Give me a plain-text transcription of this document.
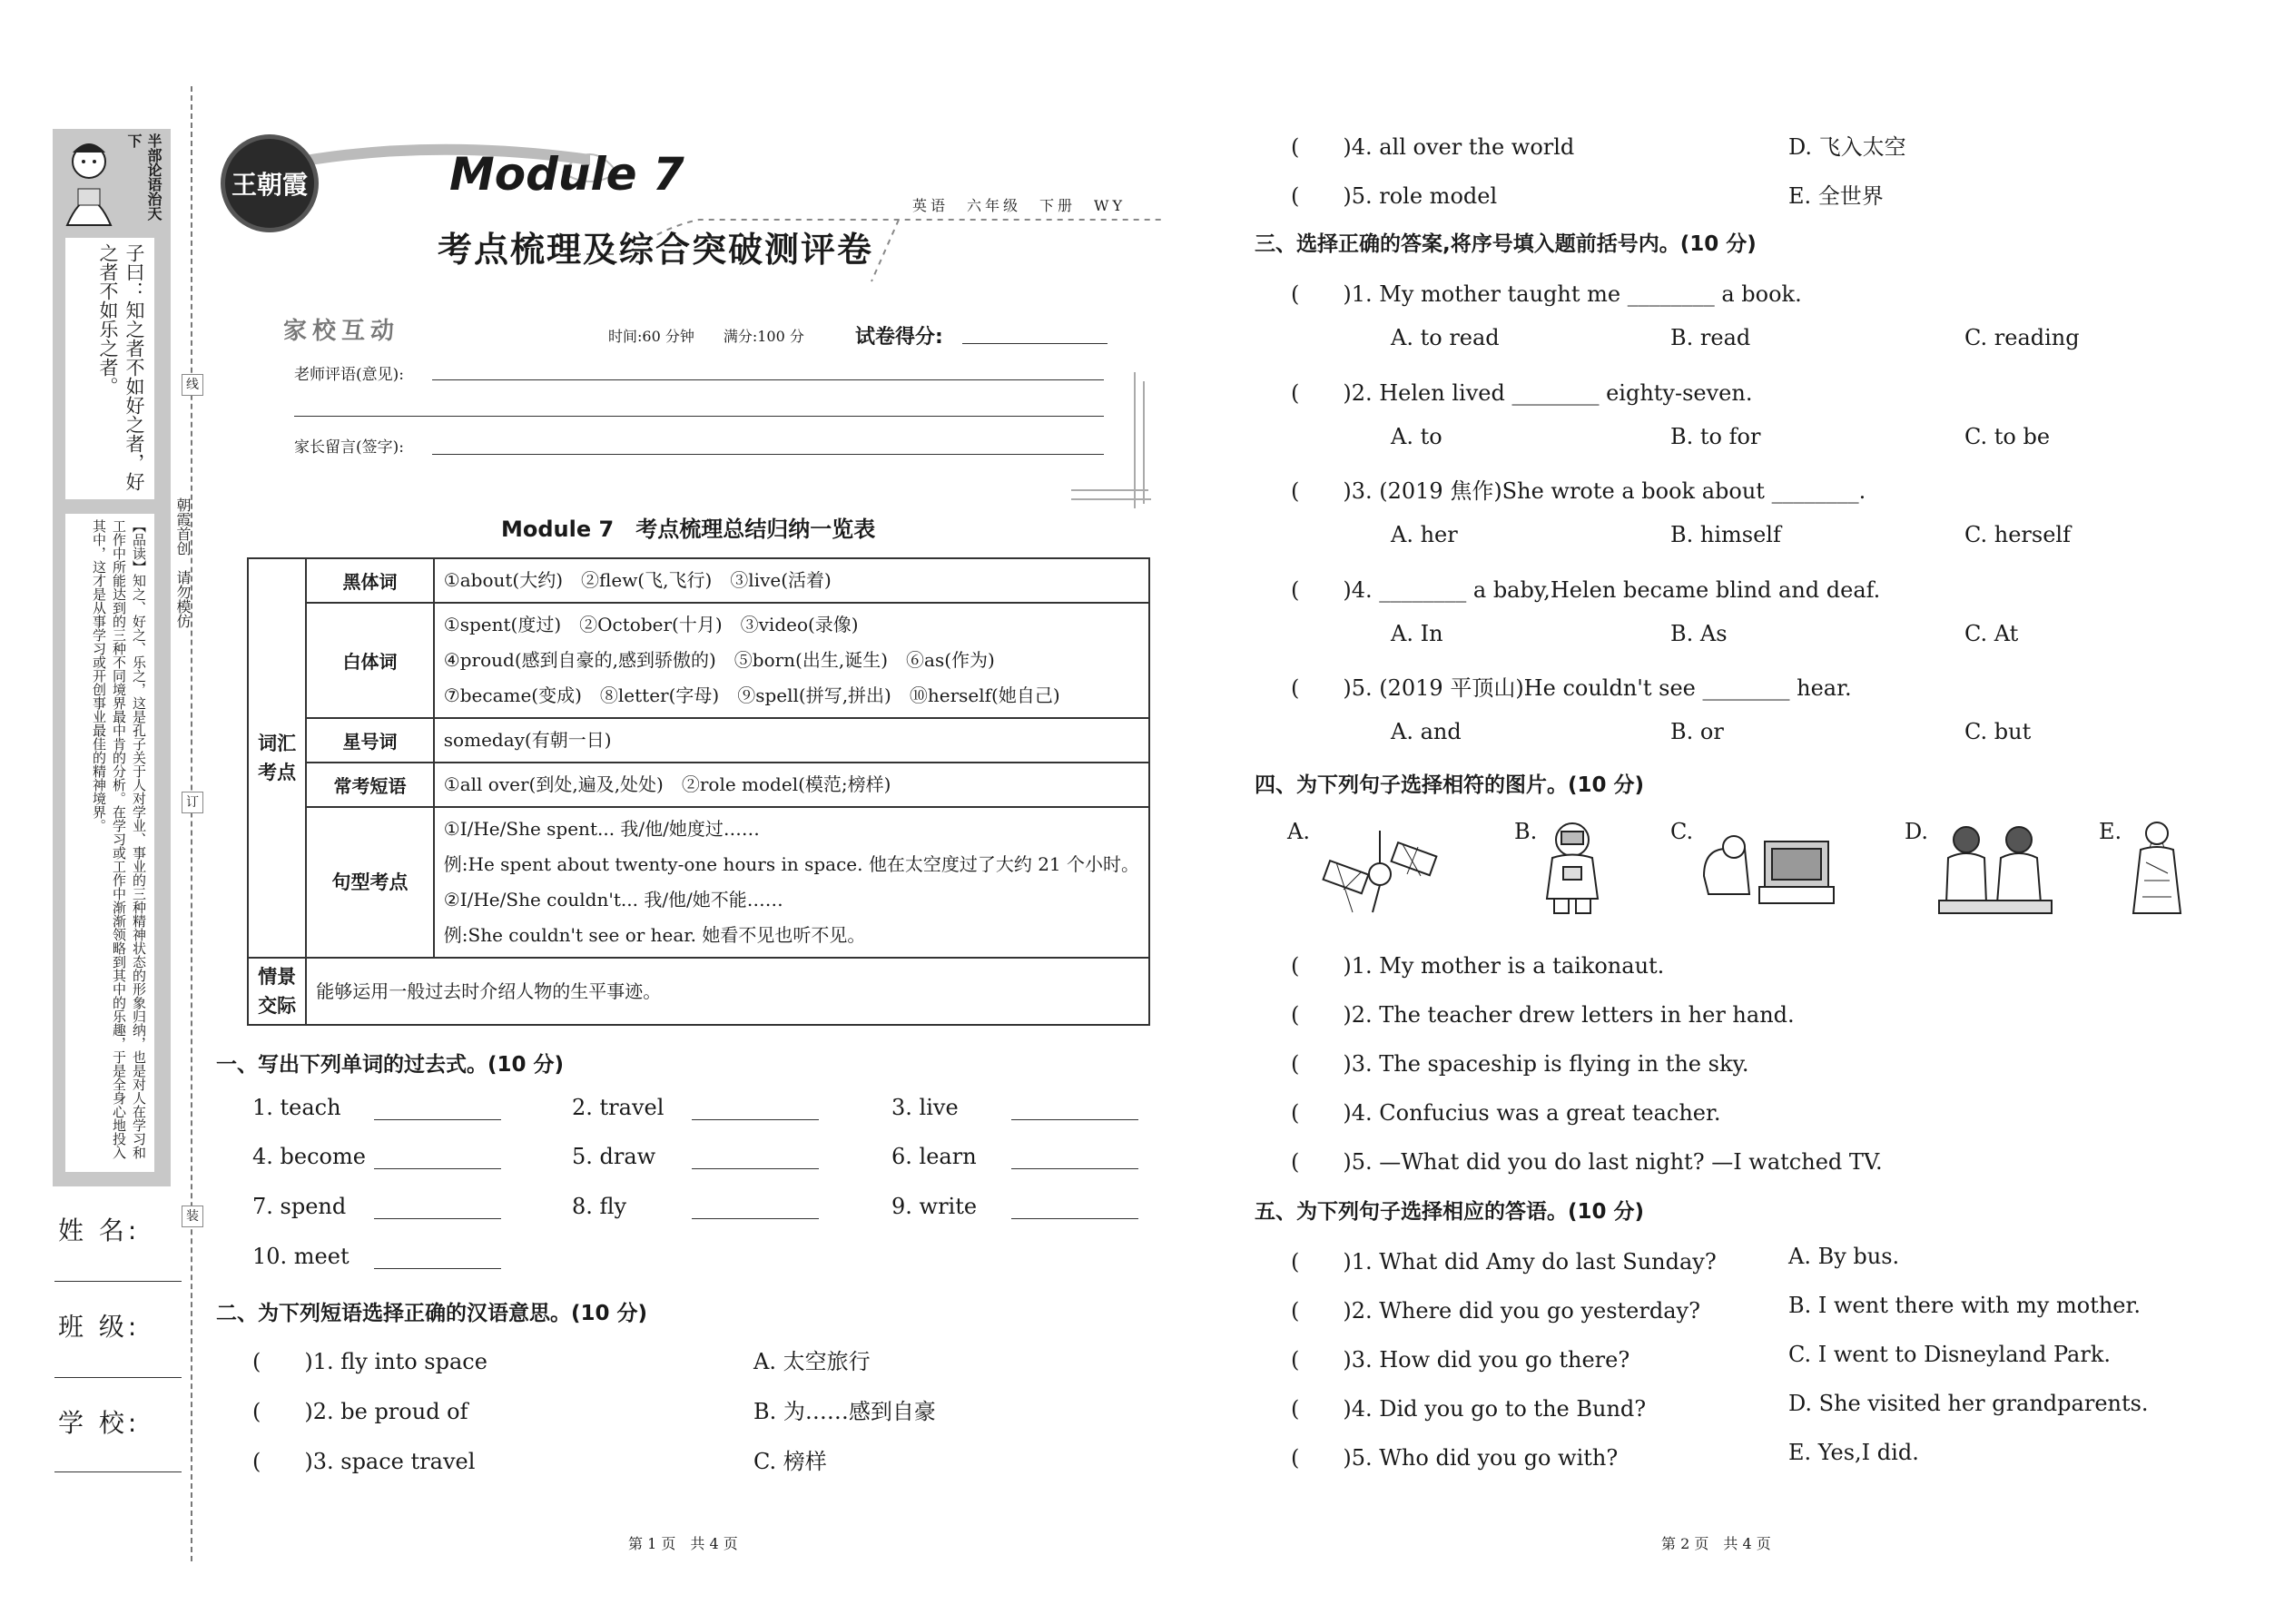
半部论语治天下
子曰：知之者不如好之者，好之者不如乐之者。
【品读】知之、好之、乐之，这是孔子关于人对学业、事业的三种精神状态的形象归纳，也是对人在学习和工作中所能达到的三种不同境界最中肯的分析。在学习或工作中渐渐领略到其中的乐趣，于是全身心地投入其中，这才是从事学习或开创事业最佳的精神境界。
姓 名:
班 级:
学 校:
线
订
装
朝霞首创　请勿模仿
王朝霞	Module 7
考点梳理及综合突破测评卷
英语　六年级　下册　WY
家校互动	时间:60 分钟　　满分:100 分	试卷得分:
老师评语(意见):
家长留言(签字):
Module 7　考点梳理总结归纳一览表
词汇考点	黑体词	①about(大约)　②flew(飞,飞行)　③live(活着)
	白体词	①spent(度过)　②October(十月)　③video(录像)
④proud(感到自豪的,感到骄傲的)　⑤born(出生,诞生)　⑥as(作为)
⑦became(变成)　⑧letter(字母)　⑨spell(拼写,拼出)　⑩herself(她自己)

	星号词	someday(有朝一日)
	常考短语	①all over(到处,遍及,处处)　②role model(模范;榜样)
	句型考点	①I/He/She spent... 我/他/她度过……
例:He spent about twenty-one hours in space. 他在太空度过了大约 21 个小时。
②I/He/She couldn't... 我/他/她不能……
例:She couldn't see or hear. 她看不见也听不见。

情景交际	能够运用一般过去时介绍人物的生平事迹。	
一、写出下列单词的过去式。(10 分)
1. teach	2. travel	3. live
4. become	5. draw	6. learn
7. spend	8. fly	9. write
10. meet
二、为下列短语选择正确的汉语意思。(10 分)
(　　)1. fly into space	A. 太空旅行
(　　)2. be proud of	B. 为……感到自豪
(　　)3. space travel	C. 榜样
第 1 页　共 4 页
(　　)4. all over the world	D. 飞入太空
(　　)5. role model	E. 全世界
三、选择正确的答案,将序号填入题前括号内。(10 分)
(　　)1. My mother taught me ________ a book.
A. to read	B. read	C. reading
(　　)2. Helen lived ________ eighty-seven.
A. to	B. to for	C. to be
(　　)3. (2019 焦作)She wrote a book about ________.
A. her	B. himself	C. herself
(　　)4. ________ a baby,Helen became blind and deaf.
A. In	B. As	C. At
(　　)5. (2019 平顶山)He couldn't see ________ hear.
A. and	B. or	C. but
四、为下列句子选择相符的图片。(10 分)
A.	B.	C.	D.	E.
(　　)1. My mother is a taikonaut.
(　　)2. The teacher drew letters in her hand.
(　　)3. The spaceship is flying in the sky.
(　　)4. Confucius was a great teacher.
(　　)5. —What did you do last night? —I watched TV.
五、为下列句子选择相应的答语。(10 分)
(　　)1. What did Amy do last Sunday?	A. By bus.
(　　)2. Where did you go yesterday?	B. I went there with my mother.
(　　)3. How did you go there?	C. I went to Disneyland Park.
(　　)4. Did you go to the Bund?	D. She visited her grandparents.
(　　)5. Who did you go with?	E. Yes,I did.
第 2 页　共 4 页
